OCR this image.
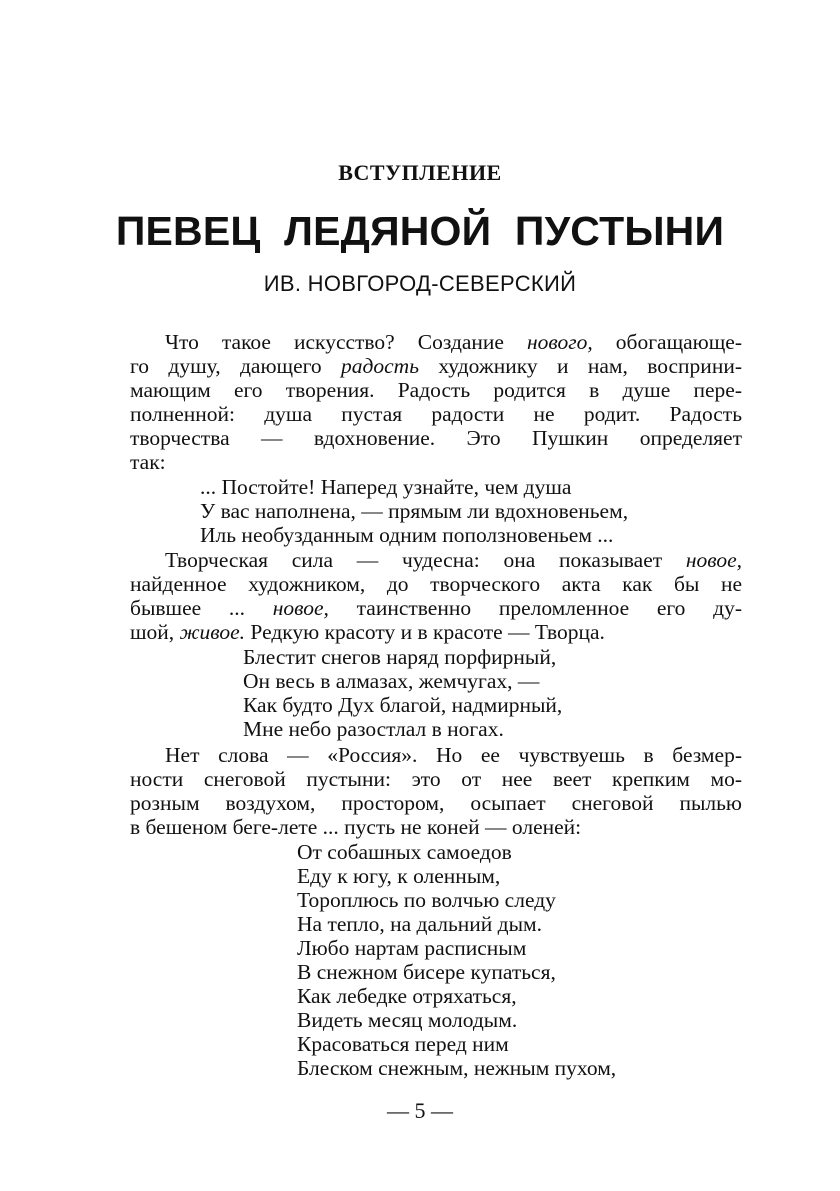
ВСТУПЛЕНИЕ
ПЕВЕЦ ЛЕДЯНОЙ ПУСТЫНИ
ИВ. НОВГОРОД-СЕВЕРСКИЙ
Что такое искусство? Создание нового, обогащающе-
го душу, дающего радость художнику и нам, восприни-
мающим его творения. Радость родится в душе пере-
полненной: душа пустая радости не родит. Радость
творчества — вдохновение. Это Пушкин определяет
так:
... Постойте! Наперед узнайте, чем душа
У вас наполнена, — прямым ли вдохновеньем,
Иль необузданным одним поползновеньем ...
Творческая сила — чудесна: она показывает новое,
найденное художником, до творческого акта как бы не
бывшее ... новое, таинственно преломленное его ду-
шой, живое. Редкую красоту и в красоте — Творца.
Блестит снегов наряд порфирный,
Он весь в алмазах, жемчугах, —
Как будто Дух благой, надмирный,
Мне небо разостлал в ногах.
Нет слова — «Россия». Но ее чувствуешь в безмер-
ности снеговой пустыни: это от нее веет крепким мо-
розным воздухом, простором, осыпает снеговой пылью
в бешеном беге-лете ... пусть не коней — оленей:
От собашных самоедов
Еду к югу, к оленным,
Тороплюсь по волчью следу
На тепло, на дальний дым.
Любо нартам расписным
В снежном бисере купаться,
Как лебедке отряхаться,
Видеть месяц молодым.
Красоваться перед ним
Блеском снежным, нежным пухом,
— 5 —
